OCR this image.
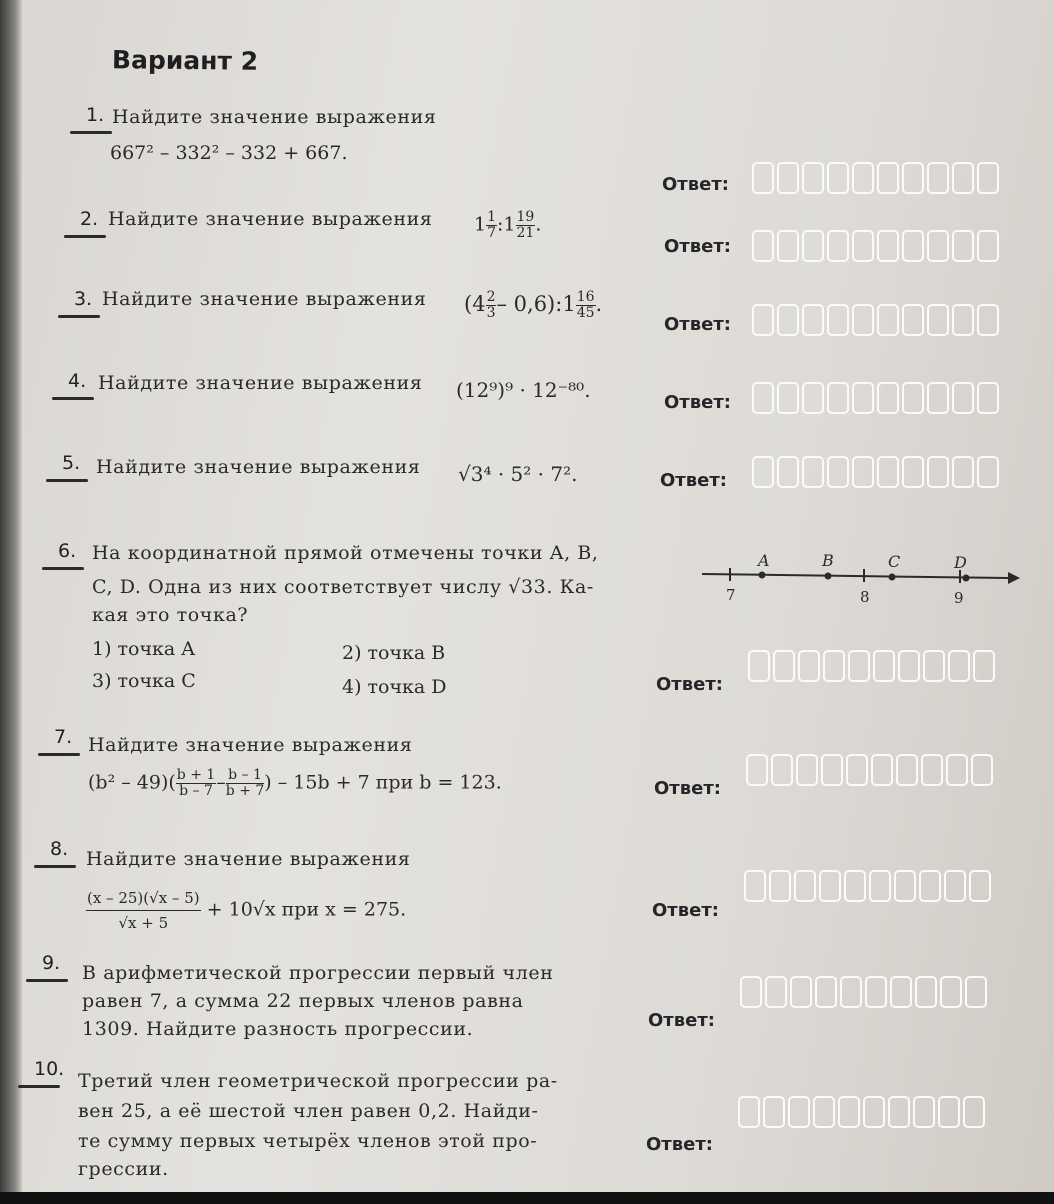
Вариант 2
1. Найдите значение выражения
667² – 332² – 332 + 667.
Ответ:
2. Найдите значение выражения $1 \frac{1}{7}$ :1 $\frac{19}{21}$ .
Ответ:
3. Найдите значение выражения ($4 \frac{2}{3}$ – 0,6):1 $\frac{16}{45}$ .
Ответ:
4. Найдите значение выражения (12⁹)⁹ · 12⁻⁸⁰.
Ответ:
5. Найдите значение выражения √3⁴ · 5² · 7².	Ответ:
6. На координатной прямой отмечены точки A, B,
C, D. Одна из них соответствует числу √33. Ка-
кая это точка?
1) точка A	2) точка B
3) точка C	4) точка D
A	B	C	D
7	8	9
Ответ:
7. Найдите значение выражения
$(b^2 - 49)( \frac{b + 1}{b - 7} - \frac{b - 1}{b + 7}$ ) – 15b + 7 при b = 123.	Ответ:
8. Найдите значение выражения
$\frac{(x - 25)(√x - 5)}{√x + 5} + 10√x$ при x = 275.	Ответ:
9. В арифметической прогрессии первый член
равен 7, а сумма 22 первых членов равна
1309. Найдите разность прогрессии.	Ответ:
10.
Третий член геометрической прогрессии ра-
вен 25, а её шестой член равен 0,2. Найди-
те сумму первых четырёх членов этой про-
грессии.
Ответ:
